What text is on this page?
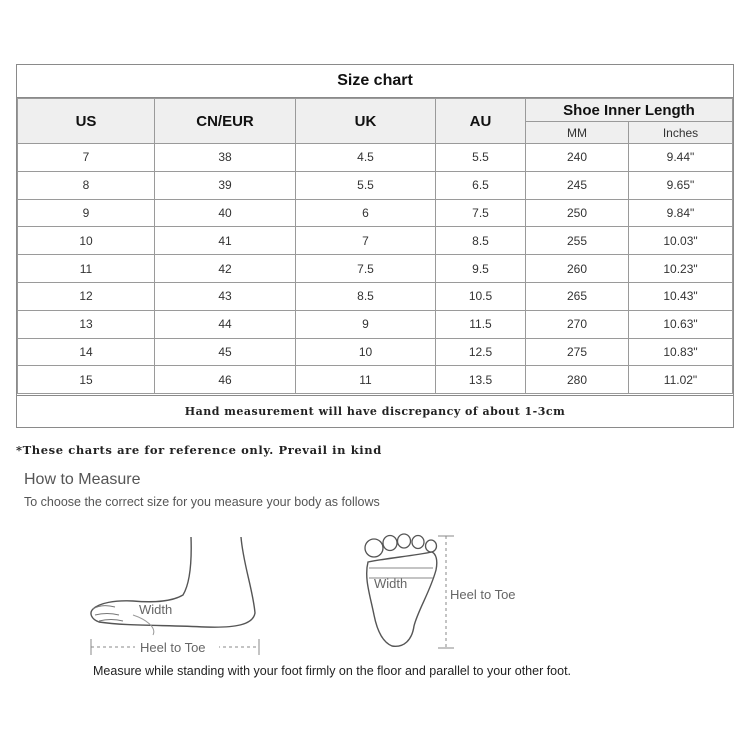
Size chart
US	CN/EUR	UK	AU	Shoe Inner Length	
				MM	Inches
7	38	4.5	5.5	240	9.44"
8	39	5.5	6.5	245	9.65"
9	40	6	7.5	250	9.84"
10	41	7	8.5	255	10.03"
11	42	7.5	9.5	260	10.23"
12	43	8.5	10.5	265	10.43"
13	44	9	11.5	270	10.63"
14	45	10	12.5	275	10.83"
15	46	11	13.5	280	11.02"
Hand measurement will have discrepancy of about 1-3cm
*These charts are for reference only. Prevail in kind
How to Measure
To choose the correct size for you measure your body as follows
Width
Heel to Toe
Width
Heel to Toe
Measure while standing with your foot firmly on the floor and parallel to your other foot.
